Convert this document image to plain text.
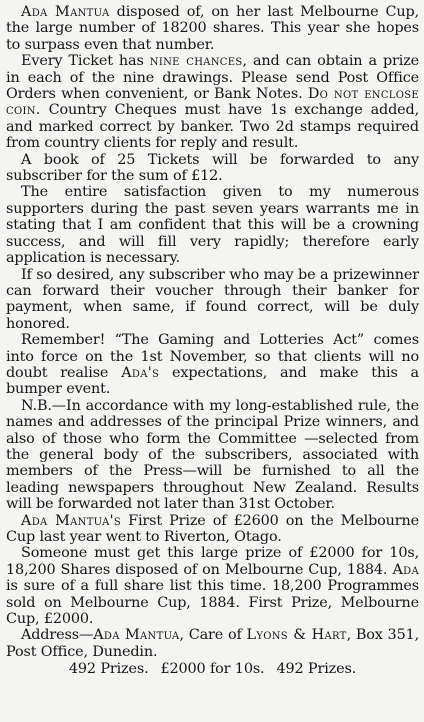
Ada Mantua disposed of, on her last Melbourne Cup, the large number of 18200 shares. This year she hopes to surpass even that number.

Every Ticket has nine chances, and can obtain a prize in each of the nine drawings. Please send Post Office Orders when convenient, or Bank Notes. Do not enclose coin. Country Cheques must have 1s exchange added, and marked correct by banker. Two 2d stamps required from country clients for reply and result.

A book of 25 Tickets will be forwarded to any subscriber for the sum of £12.

The entire satisfaction given to my numerous supporters during the past seven years warrants me in stating that I am confident that this will be a crowning success, and will fill very rapidly; therefore early application is necessary.

If so desired, any subscriber who may be a prizewinner can forward their voucher through their banker for payment, when same, if found correct, will be duly honored.

Remember! “The Gaming and Lotteries Act” comes into force on the 1st November, so that clients will no doubt realise Ada's expectations, and make this a bumper event.

N.B.—In accordance with my long-established rule, the names and addresses of the principal Prize winners, and also of those who form the Committee —selected from the general body of the subscribers, associated with members of the Press—will be furnished to all the leading newspapers throughout New Zealand. Results will be forwarded not later than 31st October.

Ada Mantua's First Prize of £2600 on the Melbourne Cup last year went to Riverton, Otago.

Someone must get this large prize of £2000 for 10s, 18,200 Shares disposed of on Melbourne Cup, 1884. Ada is sure of a full share list this time. 18,200 Programmes sold on Melbourne Cup, 1884. First Prize, Melbourne Cup, £2000.

Address—Ada Mantua, Care of Lyons & Hart, Box 351, Post Office, Dunedin.

492 Prizes. £2000 for 10s. 492 Prizes.
